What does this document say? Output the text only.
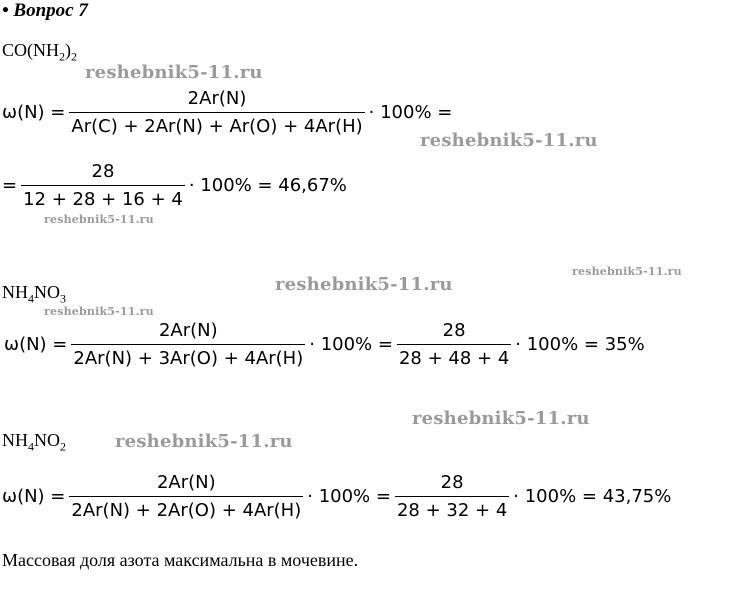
• Вопрос 7
$CO(NH_2)_2$
reshebnik5-11.ru
$\omega(N) = \frac{2Ar(N)}{Ar(C) + 2Ar(N) + Ar(O) + 4Ar(H)} \cdot 100\%$ =
reshebnik5-11.ru
= $\frac{28}{12 + 28 + 16 + 4} \cdot 100\% = 46,67\%$
reshebnik5-11.ru
reshebnik5-11.ru
reshebnik5-11.ru
$NH_4NO_3$
reshebnik5-11.ru
$\omega(N) = \frac{2Ar(N)}{2Ar(N) + 3Ar(O) + 4Ar(H)} \cdot 100\% = \frac{28}{28 + 48 + 4} \cdot 100\% = 35\%$
reshebnik5-11.ru
$NH_4NO_2$	reshebnik5-11.ru
$\omega(N) = \frac{2Ar(N)}{2Ar(N) + 2Ar(O) + 4Ar(H)} \cdot 100\% = \frac{28}{28 + 32 + 4} \cdot 100\% = 43,75\%$
Массовая доля азота максимальна в мочевине.
